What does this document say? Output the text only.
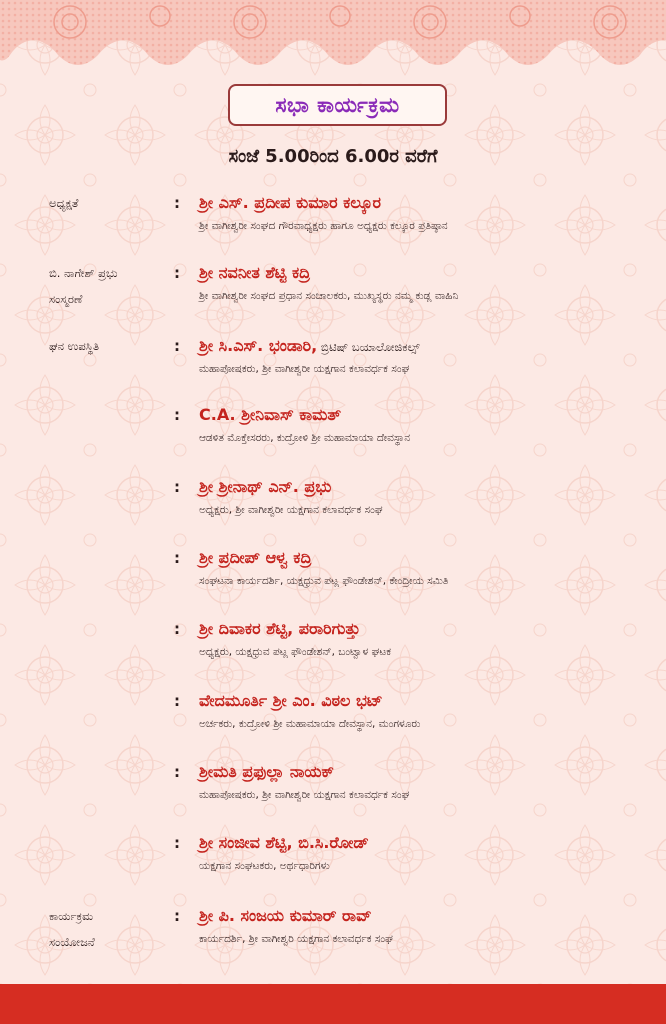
ಸಭಾ ಕಾರ್ಯಕ್ರಮ
ಸಂಜೆ 5.00ರಿಂದ 6.00ರ ವರೆಗೆ
ಅಧ್ಯಕ್ಷತೆ	: ಶ್ರೀ ಎಸ್. ಪ್ರದೀಪ ಕುಮಾರ ಕಲ್ಕೂರ
ಶ್ರೀ ವಾಗೀಶ್ವರೀ ಸಂಘದ ಗೌರವಾಧ್ಯಕ್ಷರು ಹಾಗೂ ಅಧ್ಯಕ್ಷರು ಕಲ್ಕೂರ ಪ್ರತಿಷ್ಠಾನ
ಬಿ. ನಾಗೇಶ್ ಪ್ರಭು
ಸಂಸ್ಮರಣೆ
: ಶ್ರೀ ನವನೀತ ಶೆಟ್ಟಿ ಕದ್ರಿ
ಶ್ರೀ ವಾಗೀಶ್ವರೀ ಸಂಘದ ಪ್ರಧಾನ ಸಂಚಾಲಕರು, ಮುಖ್ಯಸ್ಥರು ನಮ್ಮ ಕುಡ್ಲ ವಾಹಿನಿ
ಘನ ಉಪಸ್ಥಿತಿ	: ಶ್ರೀ ಸಿ.ಎಸ್. ಭಂಡಾರಿ, ಬ್ರಿಟಿಷ್ ಬಯಾಲೋಜಿಕಲ್ಸ್
ಮಹಾಪೋಷಕರು, ಶ್ರೀ ವಾಗೀಶ್ವರೀ ಯಕ್ಷಗಾನ ಕಲಾವರ್ಧಕ ಸಂಘ
: C.A. ಶ್ರೀನಿವಾಸ್ ಕಾಮತ್
ಆಡಳಿತ ಮೊಕ್ತೇಸರರು, ಕುದ್ರೋಳಿ ಶ್ರೀ ಮಹಾಮಾಯಾ ದೇವಸ್ಥಾನ
: ಶ್ರೀ ಶ್ರೀನಾಥ್ ಎನ್. ಪ್ರಭು
ಅಧ್ಯಕ್ಷರು, ಶ್ರೀ ವಾಗೀಶ್ವರೀ ಯಕ್ಷಗಾನ ಕಲಾವರ್ಧಕ ಸಂಘ
: ಶ್ರೀ ಪ್ರದೀಪ್ ಆಳ್ವ ಕದ್ರಿ
ಸಂಘಟನಾ ಕಾರ್ಯದರ್ಶಿ, ಯಕ್ಷಧ್ರುವ ಪಟ್ಲ ಫೌಂಡೇಶನ್, ಕೇಂದ್ರೀಯ ಸಮಿತಿ
: ಶ್ರೀ ದಿವಾಕರ ಶೆಟ್ಟಿ, ಪರಾರಿಗುತ್ತು
ಅಧ್ಯಕ್ಷರು, ಯಕ್ಷಧ್ರುವ ಪಟ್ಲ ಫೌಂಡೇಶನ್, ಬಂಟ್ವಾಳ ಘಟಕ
: ವೇದಮೂರ್ತಿ ಶ್ರೀ ಎಂ. ವಿಠಲ ಭಟ್
ಅರ್ಚಕರು, ಕುದ್ರೋಳಿ ಶ್ರೀ ಮಹಾಮಾಯಾ ದೇವಸ್ಥಾನ, ಮಂಗಳೂರು
: ಶ್ರೀಮತಿ ಪ್ರಫುಲ್ಲಾ ನಾಯಕ್
ಮಹಾಪೋಷಕರು, ಶ್ರೀ ವಾಗೀಶ್ವರೀ ಯಕ್ಷಗಾನ ಕಲಾವರ್ಧಕ ಸಂಘ
: ಶ್ರೀ ಸಂಜೀವ ಶೆಟ್ಟಿ, ಬಿ.ಸಿ.ರೋಡ್
ಯಕ್ಷಗಾನ ಸಂಘಟಕರು, ಅರ್ಥಧಾರಿಗಳು
ಕಾರ್ಯಕ್ರಮ
ಸಂಯೋಜನೆ
: ಶ್ರೀ ಪಿ. ಸಂಜಯ ಕುಮಾರ್ ರಾವ್
ಕಾರ್ಯದರ್ಶಿ, ಶ್ರೀ ವಾಗೀಶ್ವರಿ ಯಕ್ಷಗಾನ ಕಲಾವರ್ಧಕ ಸಂಘ
